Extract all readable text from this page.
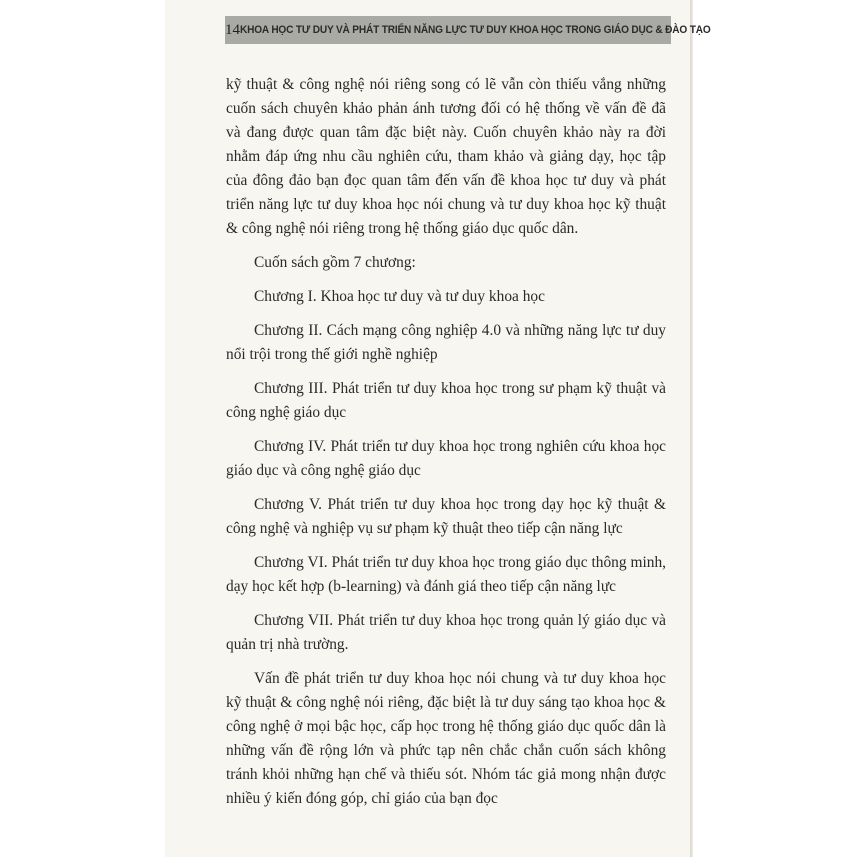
14 KHOA HỌC TƯ DUY VÀ PHÁT TRIỂN NĂNG LỰC TƯ DUY KHOA HỌC TRONG GIÁO DỤC & ĐÀO TẠO

kỹ thuật & công nghệ nói riêng song có lẽ vẫn còn thiếu vắng những cuốn sách chuyên khảo phản ánh tương đối có hệ thống về vấn đề đã và đang được quan tâm đặc biệt này. Cuốn chuyên khảo này ra đời nhằm đáp ứng nhu cầu nghiên cứu, tham khảo và giảng dạy, học tập của đông đảo bạn đọc quan tâm đến vấn đề khoa học tư duy và phát triển năng lực tư duy khoa học nói chung và tư duy khoa học kỹ thuật & công nghệ nói riêng trong hệ thống giáo dục quốc dân.

Cuốn sách gồm 7 chương:

Chương I. Khoa học tư duy và tư duy khoa học

Chương II. Cách mạng công nghiệp 4.0 và những năng lực tư duy nổi trội trong thế giới nghề nghiệp

Chương III. Phát triển tư duy khoa học trong sư phạm kỹ thuật và công nghệ giáo dục

Chương IV. Phát triển tư duy khoa học trong nghiên cứu khoa học giáo dục và công nghệ giáo dục

Chương V. Phát triển tư duy khoa học trong dạy học kỹ thuật & công nghệ và nghiệp vụ sư phạm kỹ thuật theo tiếp cận năng lực

Chương VI. Phát triển tư duy khoa học trong giáo dục thông minh, dạy học kết hợp (b-learning) và đánh giá theo tiếp cận năng lực

Chương VII. Phát triển tư duy khoa học trong quản lý giáo dục và quản trị nhà trường.

Vấn đề phát triển tư duy khoa học nói chung và tư duy khoa học kỹ thuật & công nghệ nói riêng, đặc biệt là tư duy sáng tạo khoa học & công nghệ ở mọi bậc học, cấp học trong hệ thống giáo dục quốc dân là những vấn đề rộng lớn và phức tạp nên chắc chắn cuốn sách không tránh khỏi những hạn chế và thiếu sót. Nhóm tác giả mong nhận được nhiều ý kiến đóng góp, chỉ giáo của bạn đọc
